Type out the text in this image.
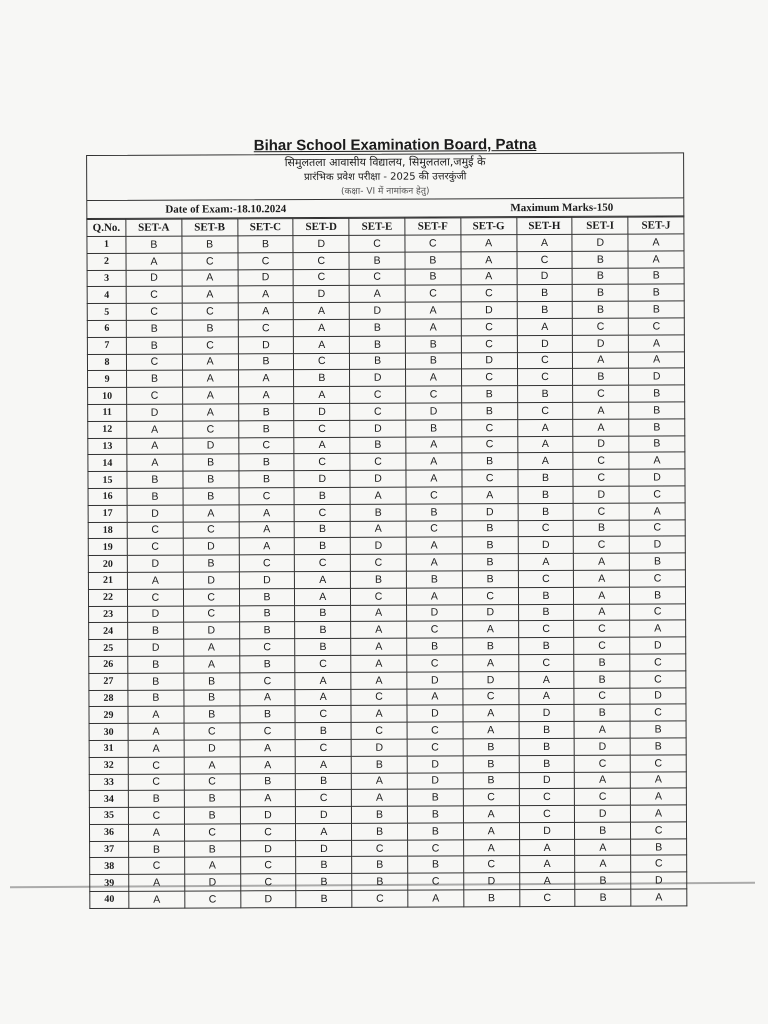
Bihar School Examination Board, Patna
सिमुलतला आवासीय विद्यालय, सिमुलतला,जमुई के
प्रारंभिक प्रवेश परीक्षा - 2025 की उत्तरकुंजी
(कक्षा- VI में नामांकन हेतु)
Date of Exam:-18.10.2024	Maximum Marks-150
Q.No.	SET-A	SET-B	SET-C	SET-D	SET-E	SET-F	SET-G	SET-H	SET-I	SET-J
1	B	B	B	D	C	C	A	A	D	A
2	A	C	C	C	B	B	A	C	B	A
3	D	A	D	C	C	B	A	D	B	B
4	C	A	A	D	A	C	C	B	B	B
5	C	C	A	A	D	A	D	B	B	B
6	B	B	C	A	B	A	C	A	C	C
7	B	C	D	A	B	B	C	D	D	A
8	C	A	B	C	B	B	D	C	A	A
9	B	A	A	B	D	A	C	C	B	D
10	C	A	A	A	C	C	B	B	C	B
11	D	A	B	D	C	D	B	C	A	B
12	A	C	B	C	D	B	C	A	A	B
13	A	D	C	A	B	A	C	A	D	B
14	A	B	B	C	C	A	B	A	C	A
15	B	B	B	D	D	A	C	B	C	D
16	B	B	C	B	A	C	A	B	D	C
17	D	A	A	C	B	B	D	B	C	A
18	C	C	A	B	A	C	B	C	B	C
19	C	D	A	B	D	A	B	D	C	D
20	D	B	C	C	C	A	B	A	A	B
21	A	D	D	A	B	B	B	C	A	C
22	C	C	B	A	C	A	C	B	A	B
23	D	C	B	B	A	D	D	B	A	C
24	B	D	B	B	A	C	A	C	C	A
25	D	A	C	B	A	B	B	B	C	D
26	B	A	B	C	A	C	A	C	B	C
27	B	B	C	A	A	D	D	A	B	C
28	B	B	A	A	C	A	C	A	C	D
29	A	B	B	C	A	D	A	D	B	C
30	A	C	C	B	C	C	A	B	A	B
31	A	D	A	C	D	C	B	B	D	B
32	C	A	A	A	B	D	B	B	C	C
33	C	C	B	B	A	D	B	D	A	A
34	B	B	A	C	A	B	C	C	C	A
35	C	B	D	D	B	B	A	C	D	A
36	A	C	C	A	B	B	A	D	B	C
37	B	B	D	D	C	C	A	A	A	B
38	C	A	C	B	B	B	C	A	A	C
39	A	D	C	B	B	C	D	A	B	D
40	A	C	D	B	C	A	B	C	B	A
